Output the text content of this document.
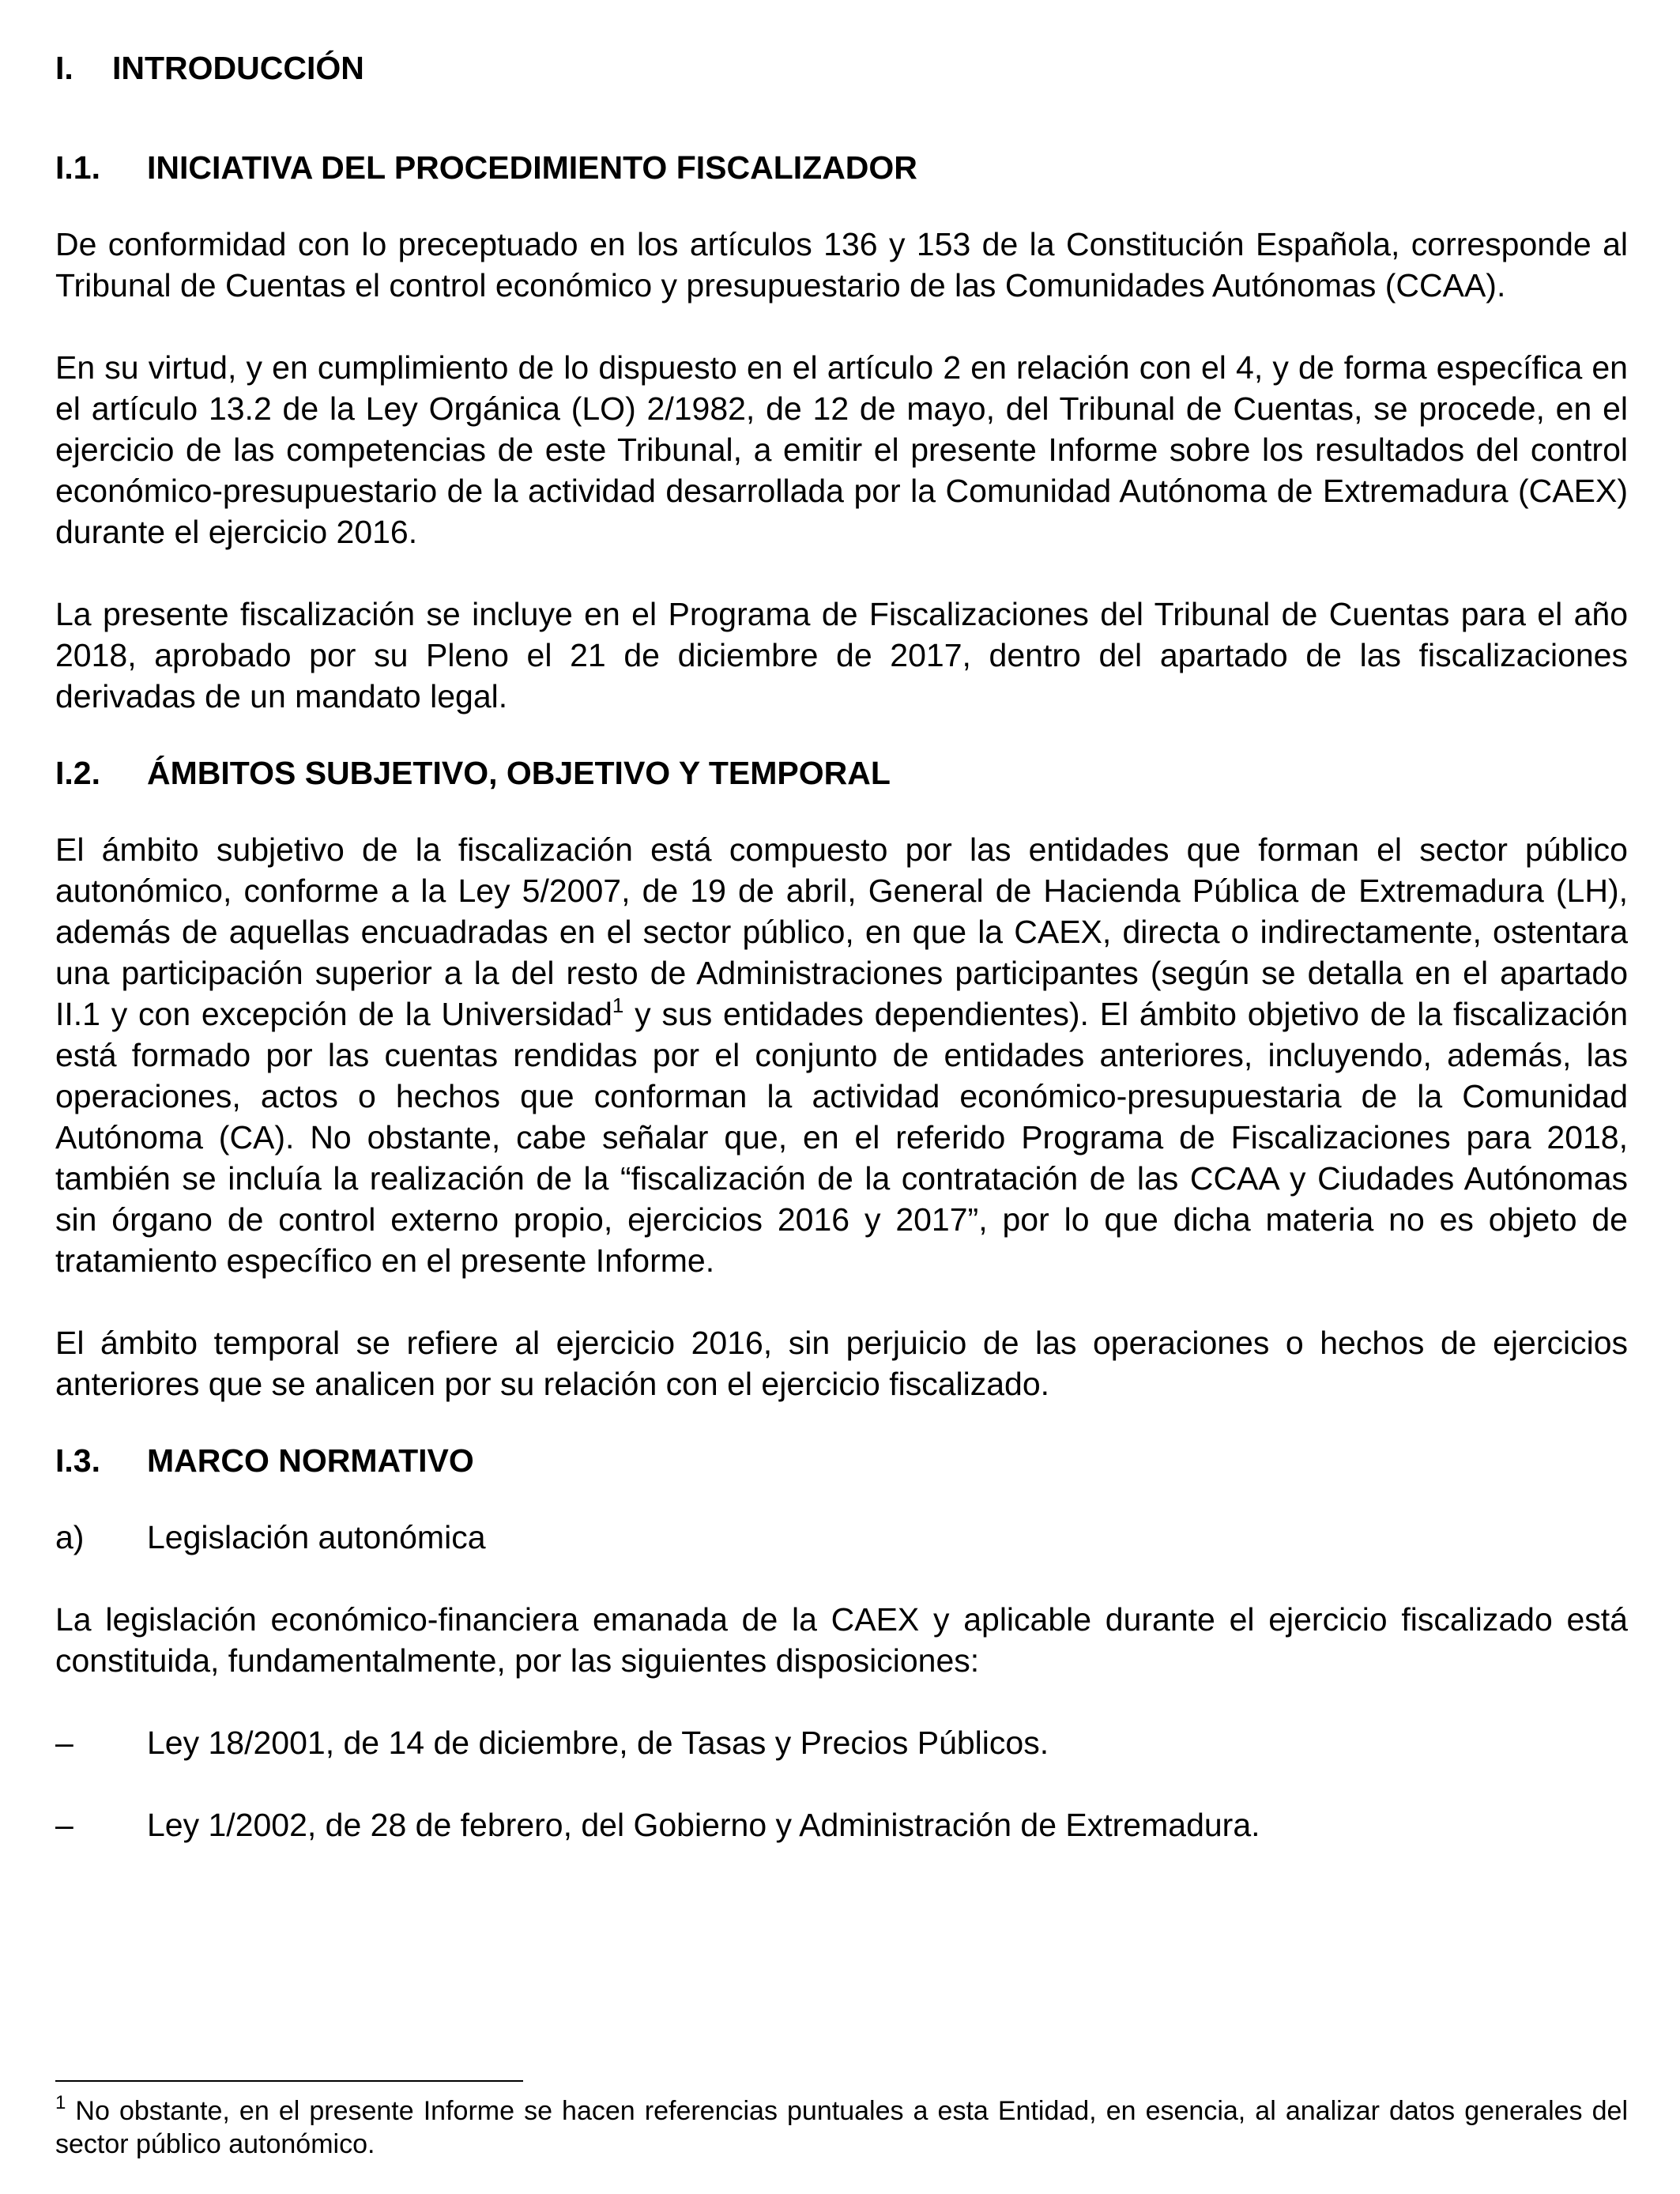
I.	INTRODUCCIÓN
I.1.	INICIATIVA DEL PROCEDIMIENTO FISCALIZADOR

De conformidad con lo preceptuado en los artículos 136 y 153 de la Constitución Española, corresponde al Tribunal de Cuentas el control económico y presupuestario de las Comunidades Autónomas (CCAA).

En su virtud, y en cumplimiento de lo dispuesto en el artículo 2 en relación con el 4, y de forma específica en el artículo 13.2 de la Ley Orgánica (LO) 2/1982, de 12 de mayo, del Tribunal de Cuentas, se procede, en el ejercicio de las competencias de este Tribunal, a emitir el presente Informe sobre los resultados del control económico-presupuestario de la actividad desarrollada por la Comunidad Autónoma de Extremadura (CAEX) durante el ejercicio 2016.

La presente fiscalización se incluye en el Programa de Fiscalizaciones del Tribunal de Cuentas para el año 2018, aprobado por su Pleno el 21 de diciembre de 2017, dentro del apartado de las fiscalizaciones derivadas de un mandato legal.

I.2.	ÁMBITOS SUBJETIVO, OBJETIVO Y TEMPORAL

El ámbito subjetivo de la fiscalización está compuesto por las entidades que forman el sector público autonómico, conforme a la Ley 5/2007, de 19 de abril, General de Hacienda Pública de Extremadura (LH), además de aquellas encuadradas en el sector público, en que la CAEX, directa o indirectamente, ostentara una participación superior a la del resto de Administraciones participantes (según se detalla en el apartado II.1 y con excepción de la Universidad$^1$ y sus entidades dependientes). El ámbito objetivo de la fiscalización está formado por las cuentas rendidas por el conjunto de entidades anteriores, incluyendo, además, las operaciones, actos o hechos que conforman la actividad económico-presupuestaria de la Comunidad Autónoma (CA). No obstante, cabe señalar que, en el referido Programa de Fiscalizaciones para 2018, también se incluía la realización de la “fiscalización de la contratación de las CCAA y Ciudades Autónomas sin órgano de control externo propio, ejercicios 2016 y 2017”, por lo que dicha materia no es objeto de tratamiento específico en el presente Informe.

El ámbito temporal se refiere al ejercicio 2016, sin perjuicio de las operaciones o hechos de ejercicios anteriores que se analicen por su relación con el ejercicio fiscalizado.

I.3.	MARCO NORMATIVO
a)	Legislación autonómica

La legislación económico-financiera emanada de la CAEX y aplicable durante el ejercicio fiscalizado está constituida, fundamentalmente, por las siguientes disposiciones:

–	Ley 18/2001, de 14 de diciembre, de Tasas y Precios Públicos.
–	Ley 1/2002, de 28 de febrero, del Gobierno y Administración de Extremadura.
$^1$ No obstante, en el presente Informe se hacen referencias puntuales a esta Entidad, en esencia, al analizar datos generales del sector público autonómico.
